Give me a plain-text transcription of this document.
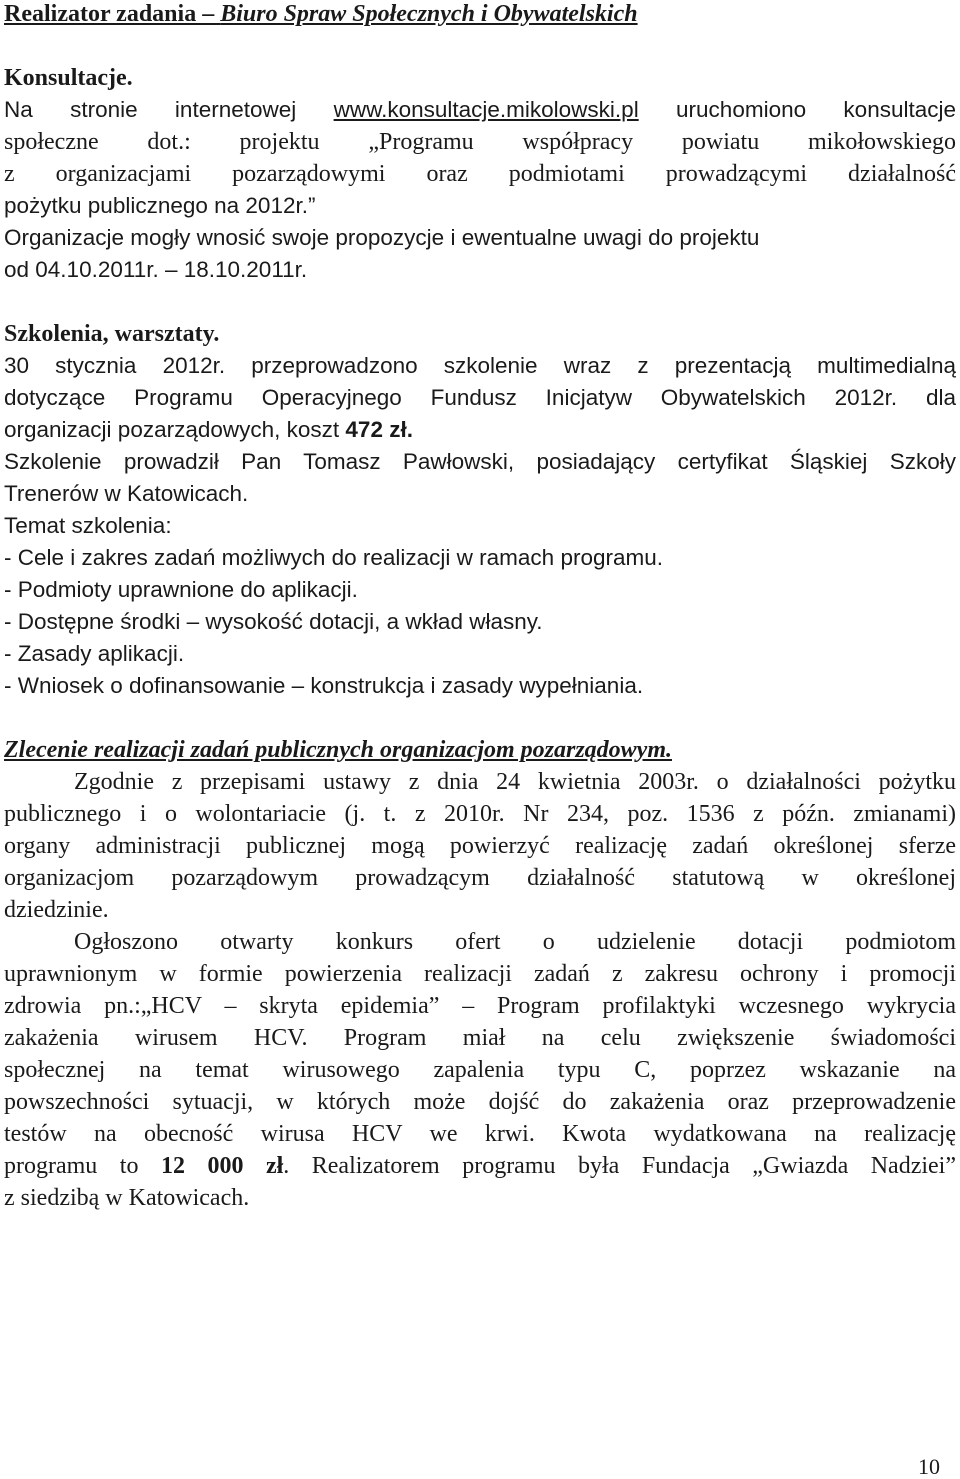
Realizator zadania – Biuro Spraw Społecznych i Obywatelskich
Konsultacje.
Na stronie internetowej www.konsultacje.mikolowski.pl uruchomiono konsultacje
społeczne dot.: projektu „Programu współpracy powiatu mikołowskiego
z organizacjami pozarządowymi oraz podmiotami prowadzącymi działalność
pożytku publicznego na 2012r.”
Organizacje mogły wnosić swoje propozycje i ewentualne uwagi do projektu
od 04.10.2011r. – 18.10.2011r.
Szkolenia, warsztaty.
30 stycznia 2012r. przeprowadzono szkolenie wraz z prezentacją multimedialną
dotyczące Programu Operacyjnego Fundusz Inicjatyw Obywatelskich 2012r. dla
organizacji pozarządowych, koszt 472 zł.
Szkolenie prowadził Pan Tomasz Pawłowski, posiadający certyfikat Śląskiej Szkoły
Trenerów w Katowicach.
Temat szkolenia:
- Cele i zakres zadań możliwych do realizacji w ramach programu.
- Podmioty uprawnione do aplikacji.
- Dostępne środki – wysokość dotacji, a wkład własny.
- Zasady aplikacji.
- Wniosek o dofinansowanie – konstrukcja i zasady wypełniania.
Zlecenie realizacji zadań publicznych organizacjom pozarządowym.
Zgodnie z przepisami ustawy z dnia 24 kwietnia 2003r. o działalności pożytku
publicznego i o wolontariacie (j. t. z 2010r. Nr 234, poz. 1536 z późn. zmianami)
organy administracji publicznej mogą powierzyć realizację zadań określonej sferze
organizacjom pozarządowym prowadzącym działalność statutową w określonej
dziedzinie.
Ogłoszono otwarty konkurs ofert o udzielenie dotacji podmiotom
uprawnionym w formie powierzenia realizacji zadań z zakresu ochrony i promocji
zdrowia pn.:„HCV – skryta epidemia” – Program profilaktyki wczesnego wykrycia
zakażenia wirusem HCV. Program miał na celu zwiększenie świadomości
społecznej na temat wirusowego zapalenia typu C, poprzez wskazanie na
powszechności sytuacji, w których może dojść do zakażenia oraz przeprowadzenie
testów na obecność wirusa HCV we krwi. Kwota wydatkowana na realizację
programu to 12 000 zł. Realizatorem programu była Fundacja „Gwiazda Nadziei”
z siedzibą w Katowicach.
10
